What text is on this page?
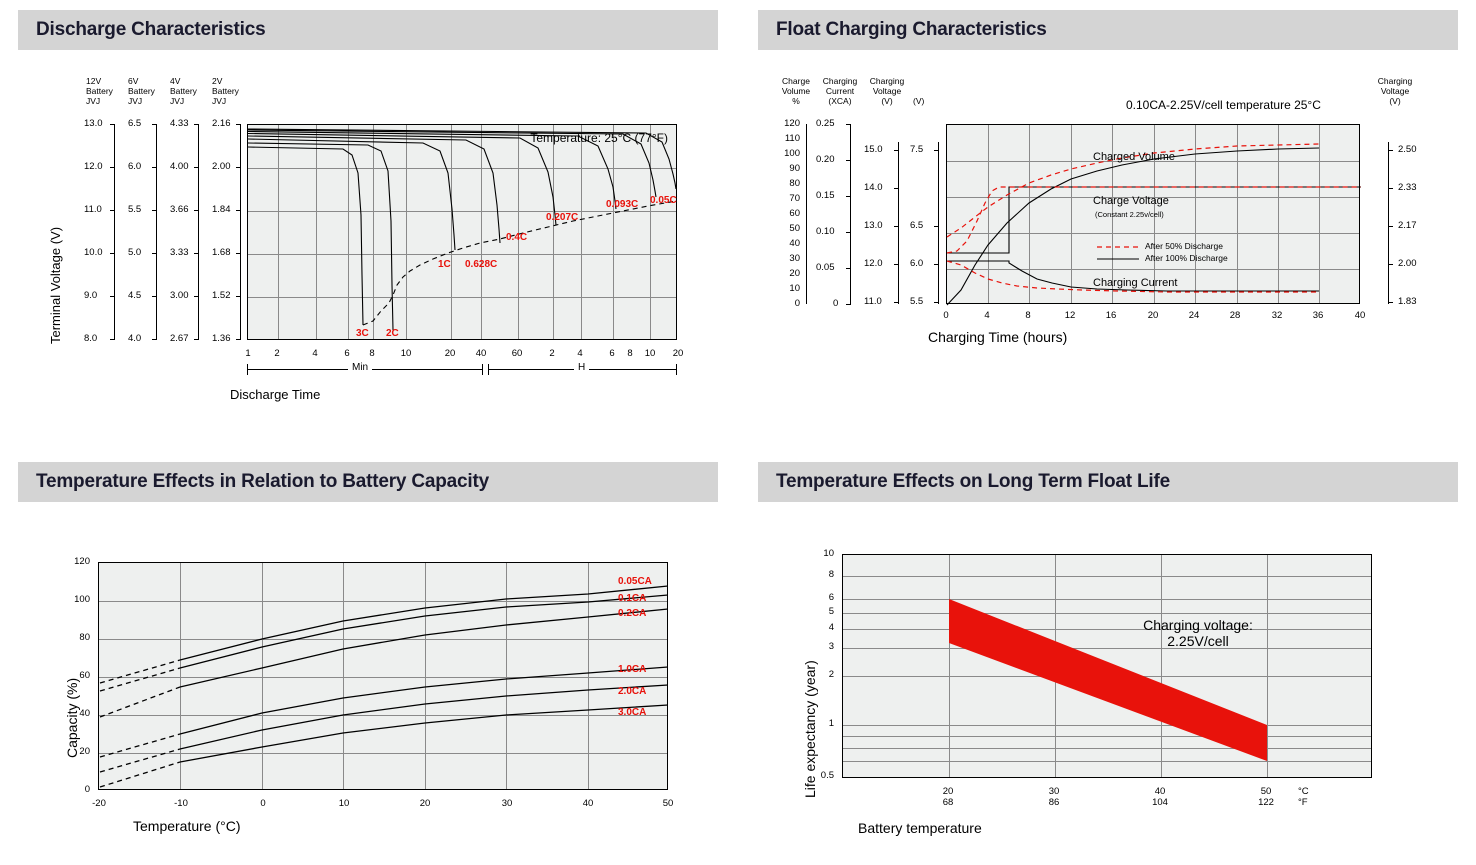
Discharge Characteristics
12V
Battery
JVJ
6V
Battery
JVJ
4V
Battery
JVJ
2V
Battery
JVJ
Terminal Voltage (V)
13.0
12.0
11.0
10.0
9.0
8.0
6.5
6.0
5.5
5.0
4.5
4.0
4.33
4.00
3.66
3.33
3.00
2.67
2.16
2.00
1.84
1.68
1.52
1.36
Temperature: 25°C (77°F)
3C 2C
1C 0.628C
0.4C
0.207C
0.093C 0.05C
1	2	4	6	8	10	20 40	60	2	4	6	8	10 20
Min	H
Discharge Time
Float Charging Characteristics
Charge
Volume
%
Charging
Current
(XCA)
Charging
Voltage
(V)	(V)
Charging
Voltage
(V)
120
110
100
90
80
70
60
50
40
30
20
10
0
0.25
0.20
0.15
0.10
0.05
0
15.0
14.0
13.0
12.0
11.0
7.5
6.5
6.0
5.5
Charged Volume
Charge Voltage
(Constant 2.25v/cell)
Charging Current
After 50% Discharge
After 100% Discharge
2.50
2.33
2.17
2.00
1.83
0.10CA-2.25V/cell temperature 25°C
0	4	8	12	16	20	24	28	32	36	40
Charging Time (hours)
Temperature Effects in Relation to Battery Capacity
Capacity (%)
120
100
80
60
40
20
0
0.05CA
0.1CA
0.2CA
1.0CA
2.0CA
3.0CA
-20	-10	0	10	20	30	40	50
Temperature (°C)
Temperature Effects on Long Term Float Life
Life expectancy (year)
10
8
6
5
4
3
2
1
0.5
Charging voltage:
2.25V/cell
20
68
30
86
40
104
50
122
°C
°F
Battery temperature
